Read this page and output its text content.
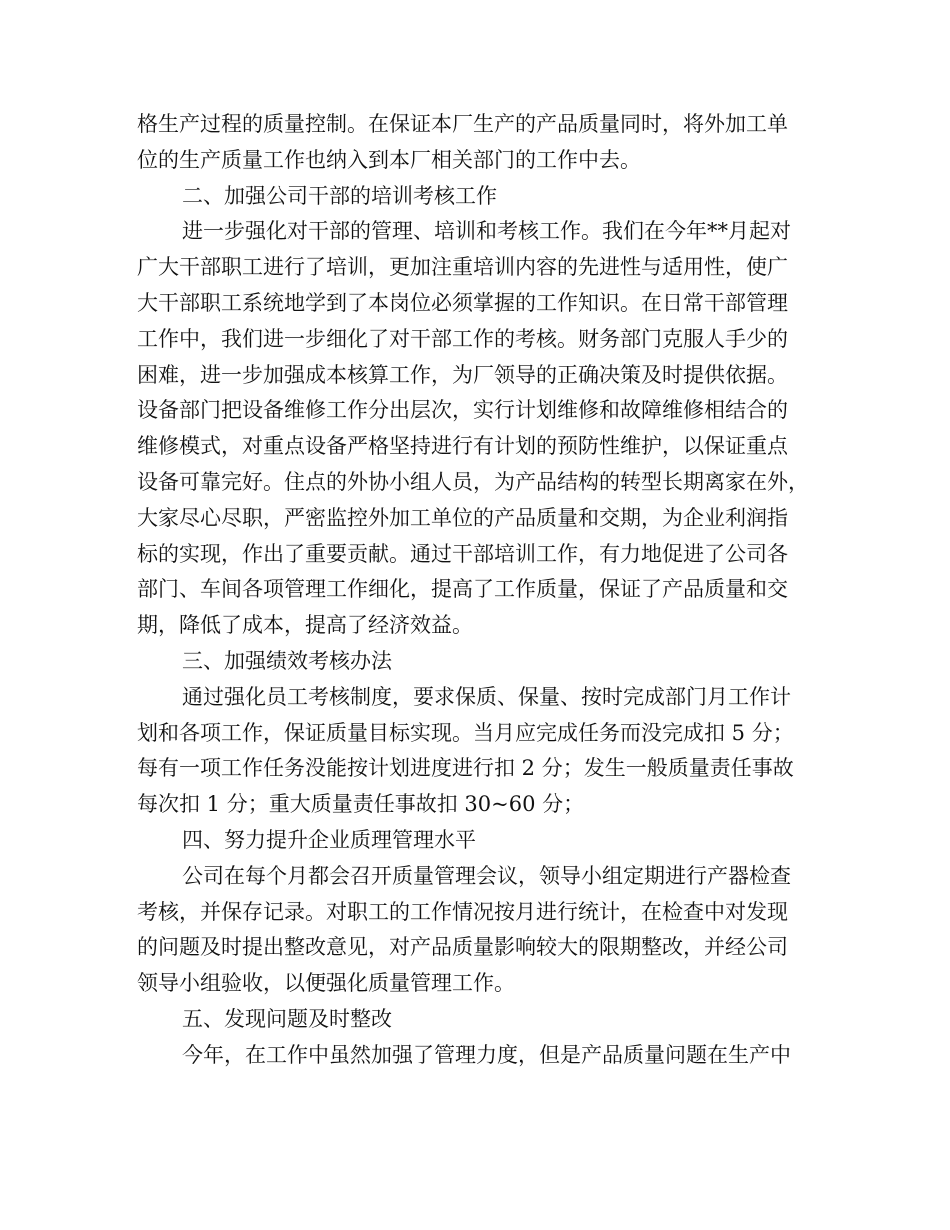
格生产过程的质量控制。在保证本厂生产的产品质量同时，将外加工单
位的生产质量工作也纳入到本厂相关部门的工作中去。
二、加强公司干部的培训考核工作
进一步强化对干部的管理、培训和考核工作。我们在今年**月起对
广大干部职工进行了培训，更加注重培训内容的先进性与适用性，使广
大干部职工系统地学到了本岗位必须掌握的工作知识。在日常干部管理
工作中，我们进一步细化了对干部工作的考核。财务部门克服人手少的
困难，进一步加强成本核算工作，为厂领导的正确决策及时提供依据。
设备部门把设备维修工作分出层次，实行计划维修和故障维修相结合的
维修模式，对重点设备严格坚持进行有计划的预防性维护，以保证重点
设备可靠完好。住点的外协小组人员，为产品结构的转型长期离家在外，
大家尽心尽职，严密监控外加工单位的产品质量和交期，为企业利润指
标的实现，作出了重要贡献。通过干部培训工作，有力地促进了公司各
部门、车间各项管理工作细化，提高了工作质量，保证了产品质量和交
期，降低了成本，提高了经济效益。
三、加强绩效考核办法
通过强化员工考核制度，要求保质、保量、按时完成部门月工作计
划和各项工作，保证质量目标实现。当月应完成任务而没完成扣 5 分；
每有一项工作任务没能按计划进度进行扣 2 分；发生一般质量责任事故
每次扣 1 分；重大质量责任事故扣 30~60 分；
四、努力提升企业质理管理水平
公司在每个月都会召开质量管理会议，领导小组定期进行产器检查
考核，并保存记录。对职工的工作情况按月进行统计，在检查中对发现
的问题及时提出整改意见，对产品质量影响较大的限期整改，并经公司
领导小组验收，以便强化质量管理工作。
五、发现问题及时整改
今年，在工作中虽然加强了管理力度，但是产品质量问题在生产中
